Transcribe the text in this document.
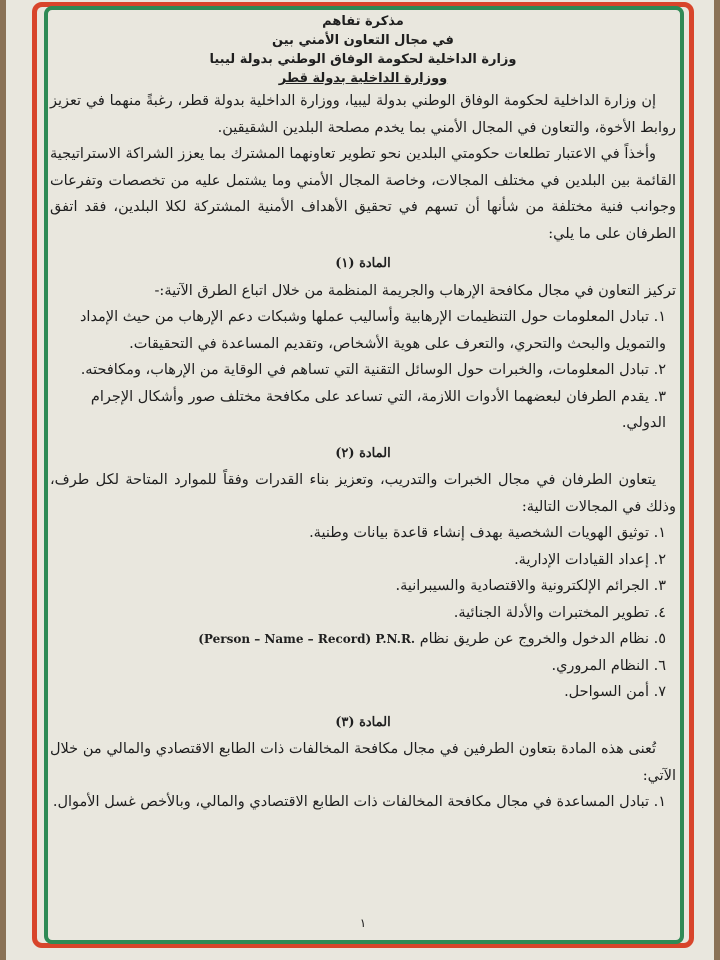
مذكرة تفاهم
في مجال التعاون الأمني بين
وزارة الداخلية لحكومة الوفاق الوطني بدولة ليبيا
ووزارة الداخلية بدولة قطر

إن وزارة الداخلية لحكومة الوفاق الوطني بدولة ليبيا، ووزارة الداخلية بدولة قطر، رغبةً منهما في تعزيز روابط الأخوة، والتعاون في المجال الأمني بما يخدم مصلحة البلدين الشقيقين.

وأخذاً في الاعتبار تطلعات حكومتي البلدين نحو تطوير تعاونهما المشترك بما يعزز الشراكة الاستراتيجية القائمة بين البلدين في مختلف المجالات، وخاصة المجال الأمني وما يشتمل عليه من تخصصات وتفرعات وجوانب فنية مختلفة من شأنها أن تسهم في تحقيق الأهداف الأمنية المشتركة لكلا البلدين، فقد اتفق الطرفان على ما يلي:

المادة (١)

تركيز التعاون في مجال مكافحة الإرهاب والجريمة المنظمة من خلال اتباع الطرق الآتية:-

١. تبادل المعلومات حول التنظيمات الإرهابية وأساليب عملها وشبكات دعم الإرهاب من حيث الإمداد والتمويل والبحث والتحري، والتعرف على هوية الأشخاص، وتقديم المساعدة في التحقيقات.

٢. تبادل المعلومات، والخبرات حول الوسائل التقنية التي تساهم في الوقاية من الإرهاب، ومكافحته.

٣. يقدم الطرفان لبعضهما الأدوات اللازمة، التي تساعد على مكافحة مختلف صور وأشكال الإجرام الدولي.

المادة (٢)

يتعاون الطرفان في مجال الخبرات والتدريب، وتعزيز بناء القدرات وفقاً للموارد المتاحة لكل طرف، وذلك في المجالات التالية:

١. توثيق الهويات الشخصية بهدف إنشاء قاعدة بيانات وطنية.

٢. إعداد القيادات الإدارية.

٣. الجرائم الإلكترونية والاقتصادية والسيبرانية.

٤. تطوير المختبرات والأدلة الجنائية.

٥. نظام الدخول والخروج عن طريق نظام (Person – Name – Record) P.N.R.

٦. النظام المروري.

٧. أمن السواحل.

المادة (٣)

تُعنى هذه المادة بتعاون الطرفين في مجال مكافحة المخالفات ذات الطابع الاقتصادي والمالي من خلال الآتي:

١. تبادل المساعدة في مجال مكافحة المخالفات ذات الطابع الاقتصادي والمالي، وبالأخص غسل الأموال.

١
